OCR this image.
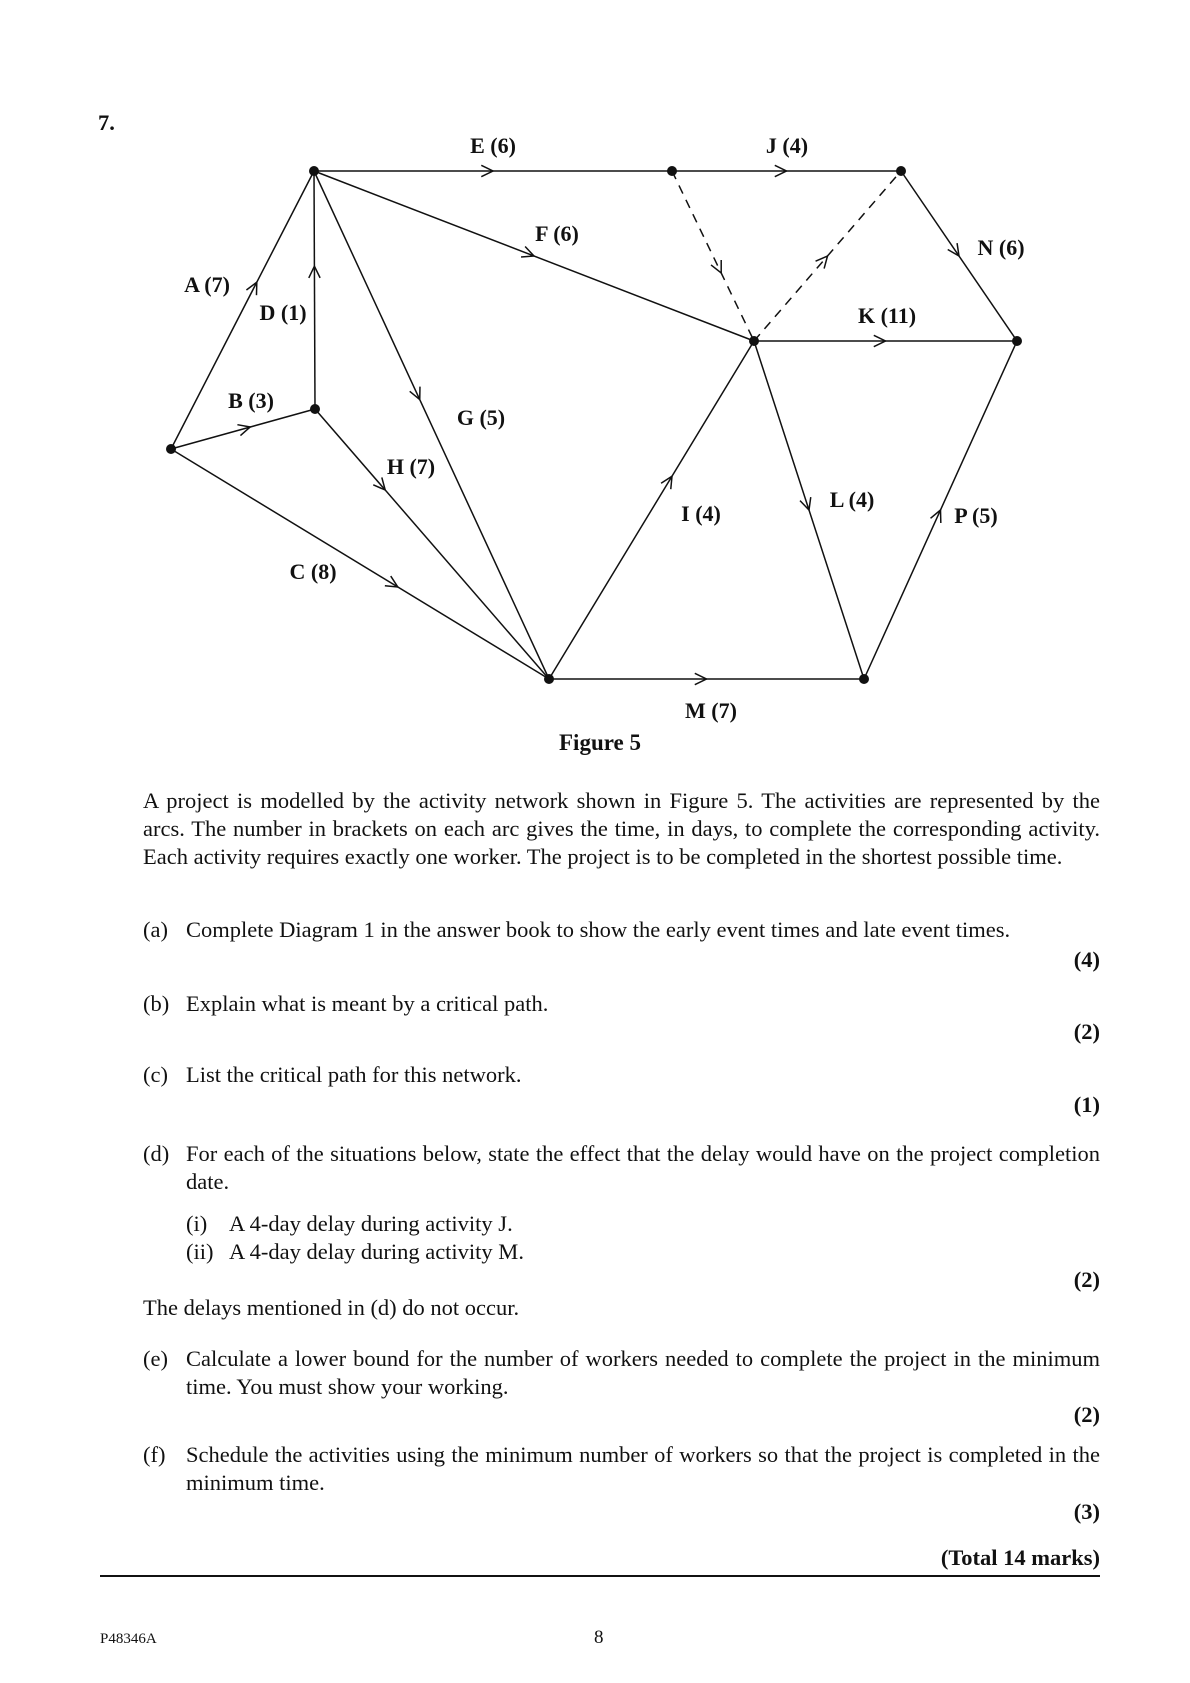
7.
E (6)	J (4)
F (6)
N (6)
A (7)
D (1)	K (11)
B (3)
G (5)
H (7)
I (4)
L (4)
P (5)
C (8)
M (7)
Figure 5
A project is modelled by the activity network shown in Figure 5. The activities are represented by the arcs. The number in brackets on each arc gives the time, in days, to complete the corresponding activity. Each activity requires exactly one worker. The project is to be completed in the shortest possible time.
(a) Complete Diagram 1 in the answer book to show the early event times and late event times.
(4)
(b) Explain what is meant by a critical path.
(2)
(c) List the critical path for this network.
(1)
(d) For each of the situations below, state the effect that the delay would have on the project completion date.
(i) A 4-day delay during activity J.
(ii) A 4-day delay during activity M.
(2)
The delays mentioned in (d) do not occur.
(e) Calculate a lower bound for the number of workers needed to complete the project in the minimum time. You must show your working.
(2)
(f) Schedule the activities using the minimum number of workers so that the project is completed in the minimum time.
(3)
(Total 14 marks)
P48346A	8
